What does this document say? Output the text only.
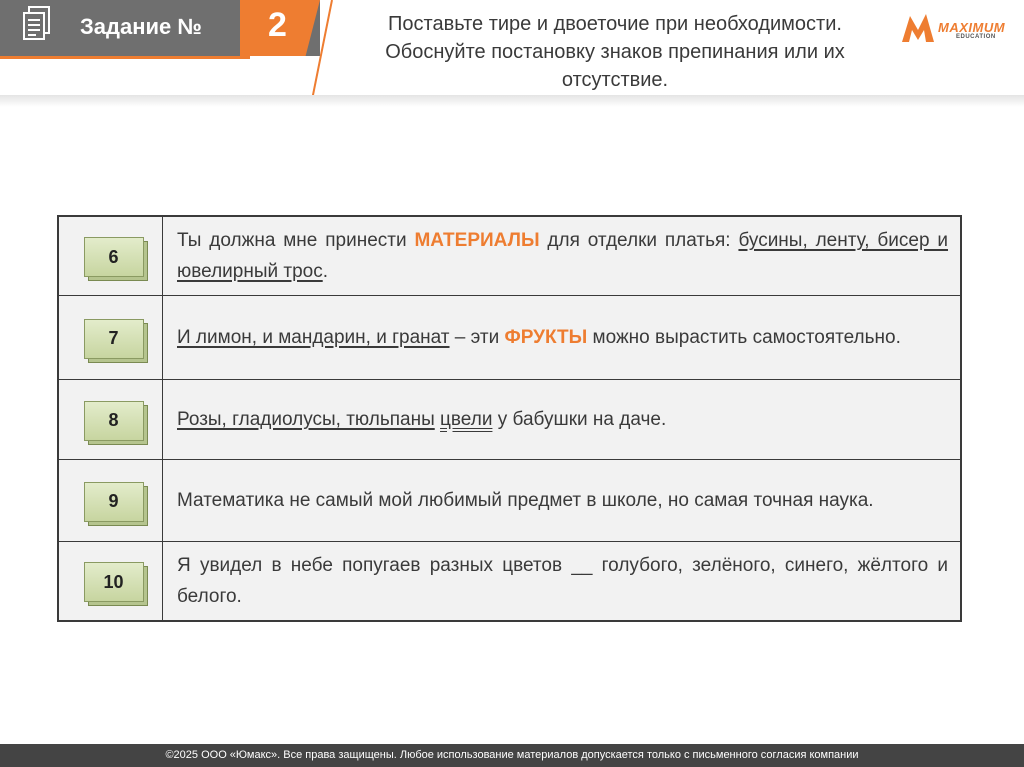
Задание № 2	Поставьте тире и двоеточие при необходимости.
Обоснуйте постановку знаков препинания или их
отсутствие.
MAXIMUM
EDUCATION
6	Ты должна мне принести МАТЕРИАЛЫ для отделки платья: бусины, ленту, бисер и ювелирный трос.

7	И лимон, и мандарин, и гранат – эти ФРУКТЫ можно вырастить самостоятельно.

8	Розы, гладиолусы, тюльпаны цвели у бабушки на даче.

9	Математика не самый мой любимый предмет в школе, но самая точная наука.

10	Я увидел в небе попугаев разных цветов __ голубого, зелёного, синего, жёлтого и белого.
©2025 ООО «Юмакс». Все права защищены. Любое использование материалов допускается только с письменного согласия компании
